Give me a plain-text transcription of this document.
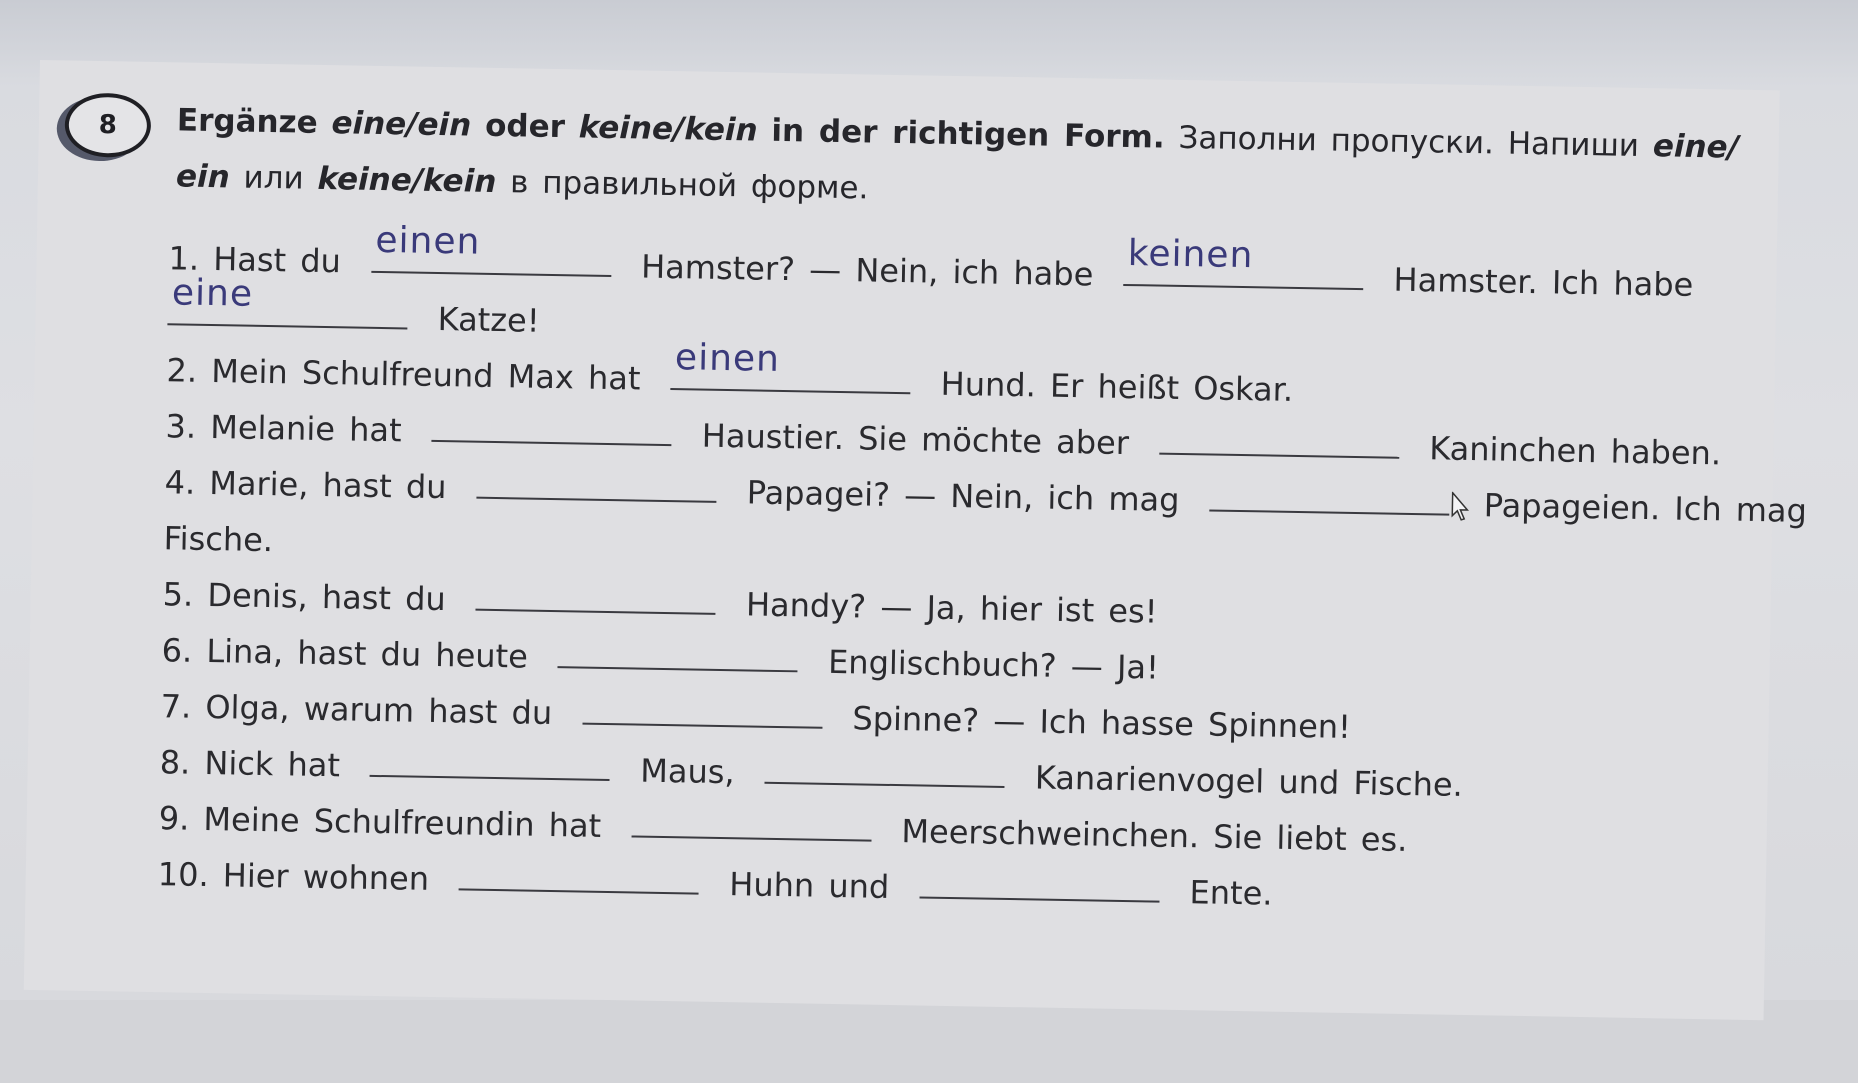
8 Ergänze eine/ein oder keine/kein in der richtigen Form. Заполни пропуски. Напиши eine/
ein или keine/kein в правильной форме.
1. Hast du einen
Hamster? — Nein, ich habe keinen
Hamster. Ich habe
eine
Katze!
2. Mein Schulfreund Max hat einen
Hund. Er heißt Oskar.
3. Melanie hat	Haustier. Sie möchte aber	Kaninchen haben.
4. Marie, hast du	Papagei? — Nein, ich mag	Papageien. Ich mag
Fische.
5. Denis, hast du	Handy? — Ja, hier ist es!
6. Lina, hast du heute	Englischbuch? — Ja!
7. Olga, warum hast du	Spinne? — Ich hasse Spinnen!
8. Nick hat	Maus,	Kanarienvogel und Fische.
9. Meine Schulfreundin hat	Meerschweinchen. Sie liebt es.
10. Hier wohnen	Huhn und	Ente.
